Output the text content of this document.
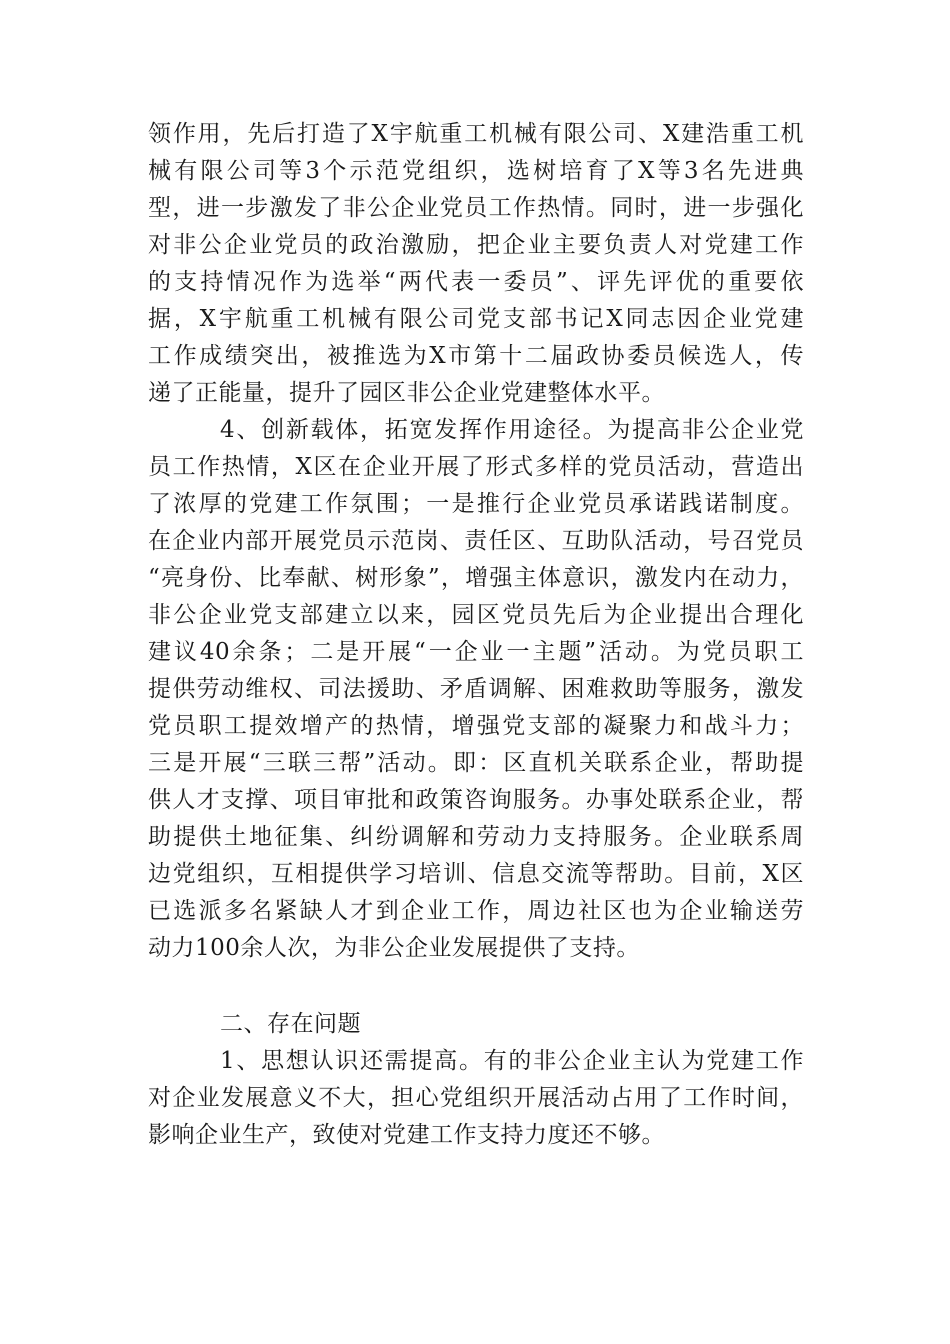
领作用，先后打造了X宇航重工机械有限公司、X建浩重工机
械有限公司等3个示范党组织，选树培育了X等3名先进典
型，进一步激发了非公企业党员工作热情。同时，进一步强化
对非公企业党员的政治激励，把企业主要负责人对党建工作
的支持情况作为选举“两代表一委员”、评先评优的重要依
据，X宇航重工机械有限公司党支部书记X同志因企业党建
工作成绩突出，被推选为X市第十二届政协委员候选人，传
递了正能量，提升了园区非公企业党建整体水平。
4、创新载体，拓宽发挥作用途径。为提高非公企业党
员工作热情，X区在企业开展了形式多样的党员活动，营造出
了浓厚的党建工作氛围；一是推行企业党员承诺践诺制度。
在企业内部开展党员示范岗、责任区、互助队活动，号召党员
“亮身份、比奉献、树形象”，增强主体意识，激发内在动力，
非公企业党支部建立以来，园区党员先后为企业提出合理化
建议40余条；二是开展“一企业一主题”活动。为党员职工
提供劳动维权、司法援助、矛盾调解、困难救助等服务，激发
党员职工提效增产的热情，增强党支部的凝聚力和战斗力；
三是开展“三联三帮”活动。即：区直机关联系企业，帮助提
供人才支撑、项目审批和政策咨询服务。办事处联系企业，帮
助提供土地征集、纠纷调解和劳动力支持服务。企业联系周
边党组织，互相提供学习培训、信息交流等帮助。目前，X区
已选派多名紧缺人才到企业工作，周边社区也为企业输送劳
动力100余人次，为非公企业发展提供了支持。
二、存在问题
1、思想认识还需提高。有的非公企业主认为党建工作
对企业发展意义不大，担心党组织开展活动占用了工作时间，
影响企业生产，致使对党建工作支持力度还不够。
